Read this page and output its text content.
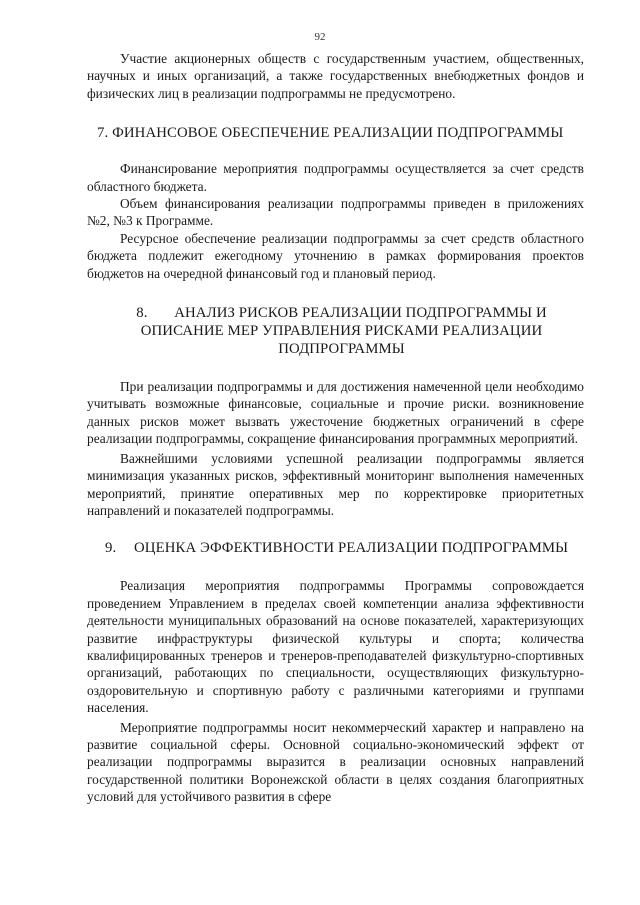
92

Участие акционерных обществ с государственным участием, общественных, научных и иных организаций, а также государственных внебюджетных фондов и физических лиц в реализации подпрограммы не предусмотрено.

7. ФИНАНСОВОЕ ОБЕСПЕЧЕНИЕ РЕАЛИЗАЦИИ ПОДПРОГРАММЫ

Финансирование мероприятия подпрограммы осуществляется за счет средств областного бюджета.

Объем финансирования реализации подпрограммы приведен в приложениях №2, №3 к Программе.

Ресурсное обеспечение реализации подпрограммы за счет средств областного бюджета подлежит ежегодному уточнению в рамках формирования проектов бюджетов на очередной финансовый год и плановый период.

8. АНАЛИЗ РИСКОВ РЕАЛИЗАЦИИ ПОДПРОГРАММЫ И ОПИСАНИЕ МЕР УПРАВЛЕНИЯ РИСКАМИ РЕАЛИЗАЦИИ ПОДПРОГРАММЫ

При реализации подпрограммы и для достижения намеченной цели необходимо учитывать возможные финансовые, социальные и прочие риски. возникновение данных рисков может вызвать ужесточение бюджетных ограничений в сфере реализации подпрограммы, сокращение финансирования программных мероприятий.

Важнейшими условиями успешной реализации подпрограммы является минимизация указанных рисков, эффективный мониторинг выполнения намеченных мероприятий, принятие оперативных мер по корректировке приоритетных направлений и показателей подпрограммы.

9. ОЦЕНКА ЭФФЕКТИВНОСТИ РЕАЛИЗАЦИИ ПОДПРОГРАММЫ

Реализация мероприятия подпрограммы Программы сопровождается проведением Управлением в пределах своей компетенции анализа эффективности деятельности муниципальных образований на основе показателей, характеризующих развитие инфраструктуры физической культуры и спорта; количества квалифицированных тренеров и тренеров-преподавателей физкультурно-спортивных организаций, работающих по специальности, осуществляющих физкультурно-оздоровительную и спортивную работу с различными категориями и группами населения.

Мероприятие подпрограммы носит некоммерческий характер и направлено на развитие социальной сферы. Основной социально-экономический эффект от реализации подпрограммы выразится в реализации основных направлений государственной политики Воронежской области в целях создания благоприятных условий для устойчивого развития в сфере
